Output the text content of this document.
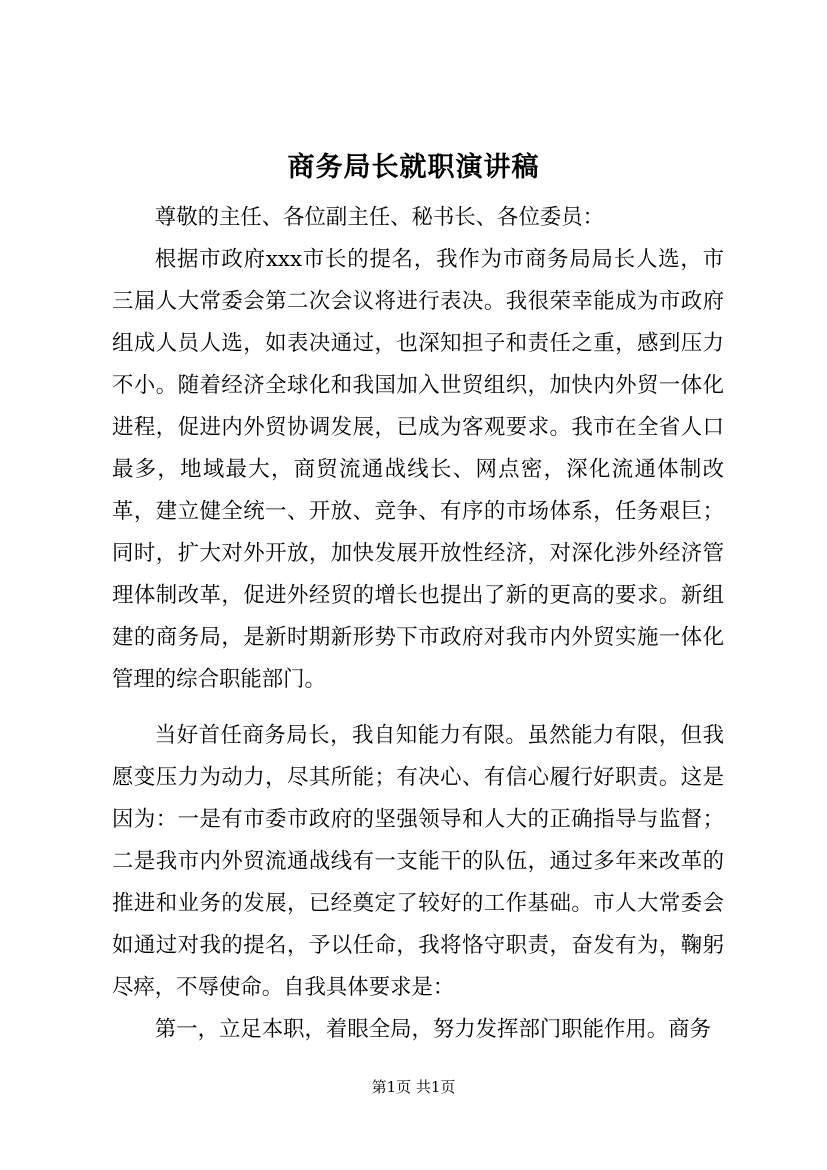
商务局长就职演讲稿

尊敬的主任、各位副主任、秘书长、各位委员：

根据市政府xxx市长的提名，我作为市商务局局长人选，市三届人大常委会第二次会议将进行表决。我很荣幸能成为市政府组成人员人选，如表决通过，也深知担子和责任之重，感到压力不小。随着经济全球化和我国加入世贸组织，加快内外贸一体化进程，促进内外贸协调发展，已成为客观要求。我市在全省人口最多，地域最大，商贸流通战线长、网点密，深化流通体制改革，建立健全统一、开放、竞争、有序的市场体系，任务艰巨；同时，扩大对外开放，加快发展开放性经济，对深化涉外经济管理体制改革，促进外经贸的增长也提出了新的更高的要求。新组建的商务局，是新时期新形势下市政府对我市内外贸实施一体化管理的综合职能部门。

当好首任商务局长，我自知能力有限。虽然能力有限，但我愿变压力为动力，尽其所能；有决心、有信心履行好职责。这是因为：一是有市委市政府的坚强领导和人大的正确指导与监督；二是我市内外贸流通战线有一支能干的队伍，通过多年来改革的推进和业务的发展，已经奠定了较好的工作基础。市人大常委会如通过对我的提名，予以任命，我将恪守职责，奋发有为，鞠躬尽瘁，不辱使命。自我具体要求是：

第一，立足本职，着眼全局，努力发挥部门职能作用。商务

第1页 共1页
